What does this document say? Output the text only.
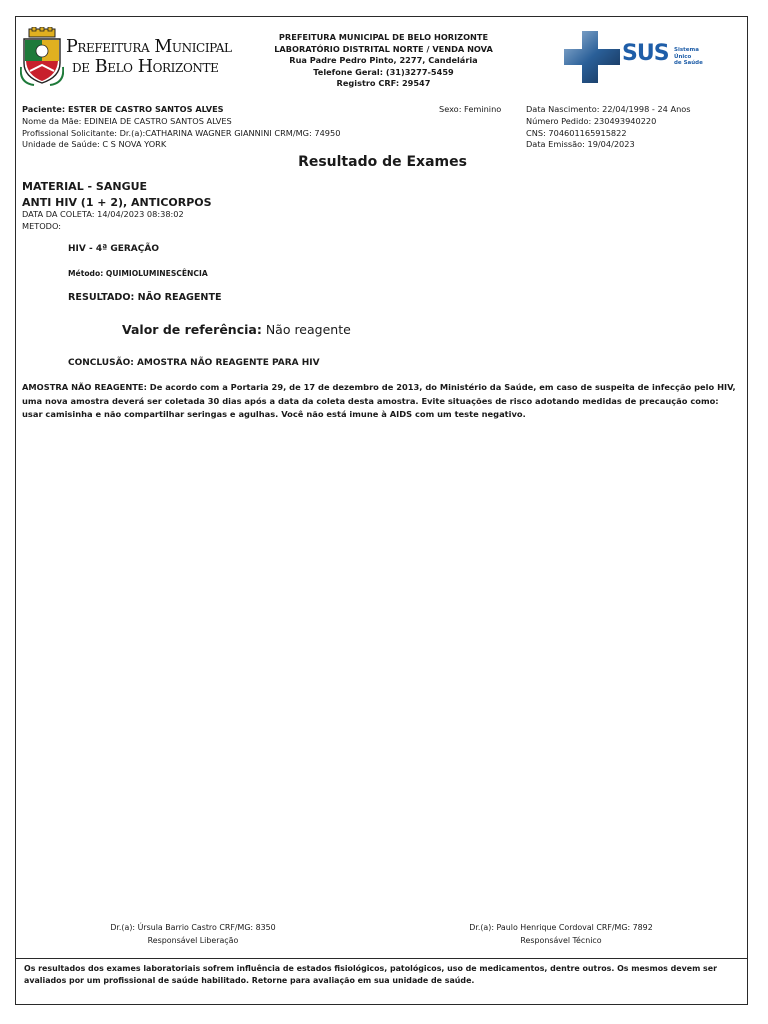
Prefeitura Municipal
de Belo Horizonte
PREFEITURA MUNICIPAL DE BELO HORIZONTE
LABORATÓRIO DISTRITAL NORTE / VENDA NOVA
Rua Padre Pedro Pinto, 2277, Candelária
Telefone Geral: (31)3277-5459
Registro CRF: 29547
SUS Sistema
Único
de Saúde
Paciente: ESTER DE CASTRO SANTOS ALVES
Nome da Mãe: EDINEIA DE CASTRO SANTOS ALVES
Profissional Solicitante: Dr.(a):CATHARINA WAGNER GIANNINI CRM/MG: 74950
Unidade de Saúde: C S NOVA YORK
Sexo: Feminino	Data Nascimento: 22/04/1998 - 24 Anos
Número Pedido: 230493940220
CNS: 704601165915822
Data Emissão: 19/04/2023
Resultado de Exames
MATERIAL - SANGUE
ANTI HIV (1 + 2), ANTICORPOS
DATA DA COLETA: 14/04/2023 08:38:02
METODO:
HIV - 4ª GERAÇÃO
Método: QUIMIOLUMINESCÊNCIA
RESULTADO: NÃO REAGENTE
Valor de referência: Não reagente
CONCLUSÃO: AMOSTRA NÃO REAGENTE PARA HIV
AMOSTRA NÃO REAGENTE: De acordo com a Portaria 29, de 17 de dezembro de 2013, do Ministério da Saúde, em caso de suspeita de infecção pelo HIV, uma nova amostra deverá ser coletada 30 dias após a data da coleta desta amostra. Evite situações de risco adotando medidas de precaução como: usar camisinha e não compartilhar seringas e agulhas. Você não está imune à AIDS com um teste negativo.
Dr.(a): Úrsula Barrio Castro CRF/MG: 8350
Responsável Liberação
Dr.(a): Paulo Henrique Cordoval CRF/MG: 7892
Responsável Técnico
Os resultados dos exames laboratoriais sofrem influência de estados fisiológicos, patológicos, uso de medicamentos, dentre outros. Os mesmos devem ser avaliados por um profissional de saúde habilitado. Retorne para avaliação em sua unidade de saúde.
